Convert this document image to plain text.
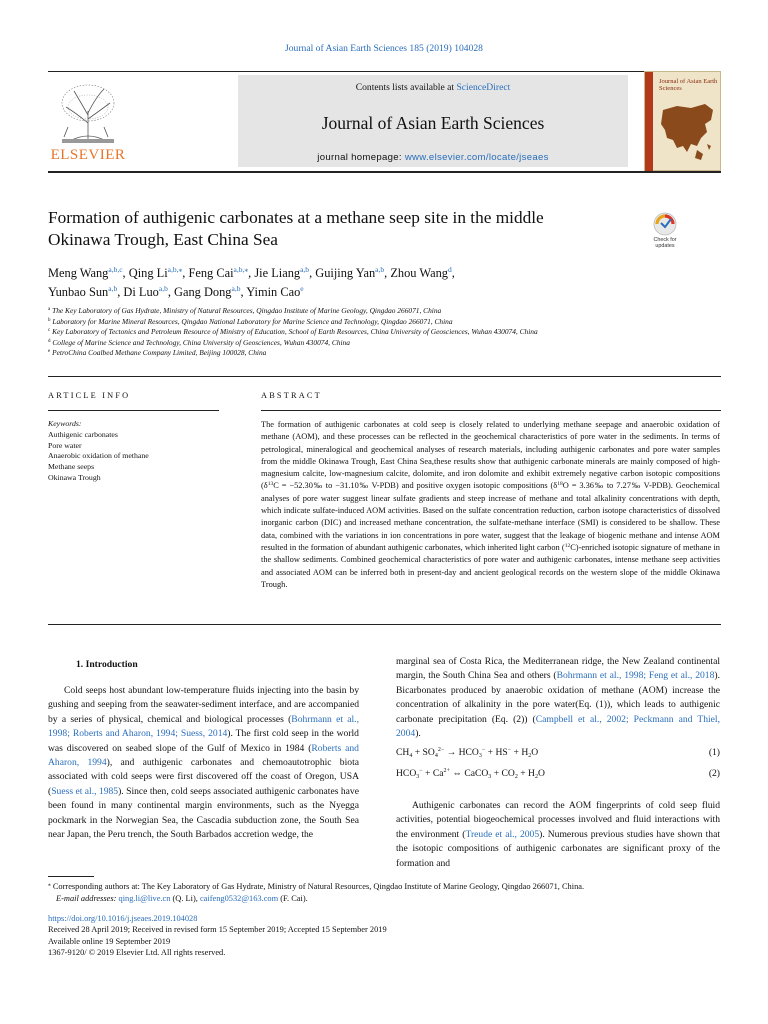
Journal of Asian Earth Sciences 185 (2019) 104028
ELSEVIER
Contents lists available at ScienceDirect
Journal of Asian Earth Sciences
journal homepage: www.elsevier.com/locate/jseaes
Journal of Asian Earth Sciences
Formation of authigenic carbonates at a methane seep site in the middle Okinawa Trough, East China Sea	Check for updates
Meng Wang$^{a,b,c}$, Qing $Li^{a,b,⁎}$, Feng Cai$^{a,b,⁎}$, Jie Liang$^{a,b}$, Guijing Yan$^{a,b}$, Zhou Wang$^d$,
Yunbao Sun$^{a,b}$, Di Luo$^{a,b}$, Gang Dong$^{a,b}$, Yimin Cao$^e$
$^a$ The Key Laboratory of Gas Hydrate, Ministry of Natural Resources, Qingdao Institute of Marine Geology, Qingdao 266071, China
$^b$ Laboratory for Marine Mineral Resources, Qingdao National Laboratory for Marine Science and Technology, Qingdao 266071, China
$^c$ Key Laboratory of Tectonics and Petroleum Resource of Ministry of Education, School of Earth Resources, China University of Geosciences, Wuhan 430074, China
$^d$ College of Marine Science and Technology, China University of Geosciences, Wuhan 430074, China
$^e$ PetroChina Coalbed Methane Company Limited, Beijing 100028, China
ARTICLE INFO	ABSTRACT
Keywords:
Authigenic carbonates
Pore water
Anaerobic oxidation of methane
Methane seeps
Okinawa Trough
The formation of authigenic carbonates at cold seep is closely related to underlying methane seepage and anaerobic oxidation of methane (AOM), and these processes can be reflected in the geochemical characteristics of pore water in the sediments. In terms of petrological, mineralogical and geochemical analyses of research materials, including authigenic carbonates and pore water samples from the middle Okinawa Trough, East China Sea,these results show that authigenic carbonate minerals are mainly composed of high-magnesium calcite, low-magnesium calcite, dolomite, and iron dolomite and exhibit extremely negative carbon isotopic compositions ($\delta^{13}C$ = −52.30‰ to −31.10‰ V-PDB) and positive oxygen isotopic compositions ($\delta^{18}O$ = 3.36‰ to 7.27‰ V-PDB). Geochemical analyses of pore water suggest linear sulfate gradients and steep increase of methane and total alkalinity concentrations with depth, which indicate sulfate-induced AOM activities. Based on the sulfate concentration reduction, carbon isotope characteristics of dissolved inorganic carbon (DIC) and increased methane concentration, the sulfate-methane interface (SMI) is considered to be shallow. These data, combined with the variations in ion concentrations in pore water, suggest that the leakage of biogenic methane and intense AOM resulted in the formation of abundant authigenic carbonates, which inherited light carbon ($^{12}$C)-enriched isotopic signature of methane in the shallow sediments. Combined geochemical characteristics of pore water and authigenic carbonates, intense methane seep activities and associated AOM can be inferred both in present-day and ancient geological records on the western slope of the middle Okinawa Trough.
1. Introduction
Cold seeps host abundant low-temperature fluids injecting into the basin by gushing and seeping from the seawater-sediment interface, and are accompanied by a series of physical, chemical and biological processes (Bohrmann et al., 1998; Roberts and Aharon, 1994; Suess, 2014). The first cold seep in the world was discovered on seabed slope of the Gulf of Mexico in 1984 (Roberts and Aharon, 1994), and authigenic carbonates and chemoautotrophic biota associated with cold seeps were first discovered off the coast of Oregon, USA (Suess et al., 1985). Since then, cold seeps associated authigenic carbonates have been found in many continental margin environments, such as the Nyegga pockmark in the Norwegian Sea, the Cascadia subduction zone, the South Sea near Japan, the Peru trench, the South Barbados accretion wedge, the
marginal sea of Costa Rica, the Mediterranean ridge, the New Zealand continental margin, the South China Sea and others (Bohrmann et al., 1998; Feng et al., 2018). Bicarbonates produced by anaerobic oxidation of methane (AOM) increase the concentration of alkalinity in the pore water(Eq. (1)), which leads to authigenic carbonate precipitation (Eq. (2)) (Campbell et al., 2002; Peckmann and Thiel, 2004).
$CH_4 + SO_4^{2-} \to HCO_3^- + HS^- + H_2O$	(1)
$HCO_3^- + Ca^{2+}$ ⇔ CaCO$_3$ + $CO_2 + H_2O$	(2)
Authigenic carbonates can record the AOM fingerprints of cold seep fluid activities, potential biogeochemical processes involved and fluid interactions with the environment (Treude et al., 2005). Numerous previous studies have shown that the isotopic compositions of authigenic carbonates are significant proxy of the formation and
⁎ Corresponding authors at: The Key Laboratory of Gas Hydrate, Ministry of Natural Resources, Qingdao Institute of Marine Geology, Qingdao 266071, China.
E-mail addresses: qing.li@live.cn (Q. Li), caifeng0532@163.com (F. Cai).
https://doi.org/10.1016/j.jseaes.2019.104028
Received 28 April 2019; Received in revised form 15 September 2019; Accepted 15 September 2019
Available online 19 September 2019
1367-9120/ © 2019 Elsevier Ltd. All rights reserved.
